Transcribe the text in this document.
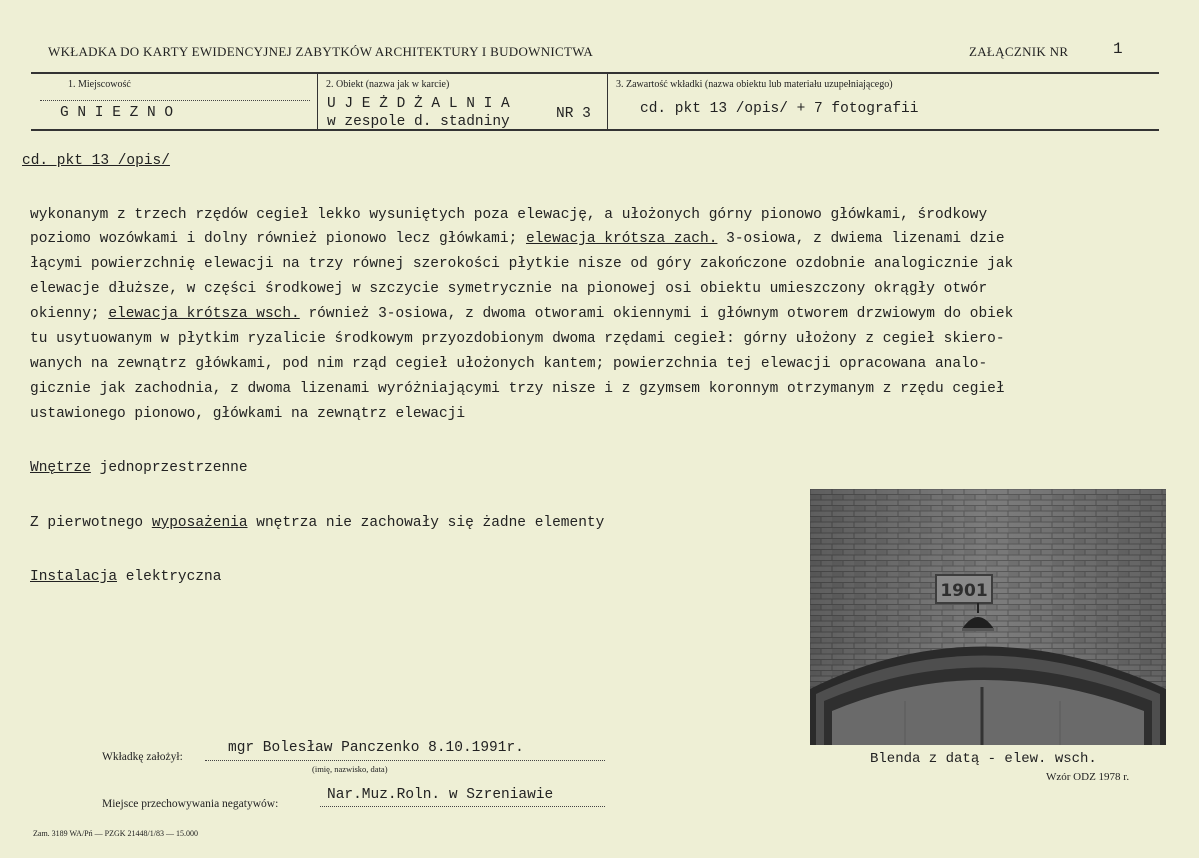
WKŁADKA DO KARTY EWIDENCYJNEJ ZABYTKÓW ARCHITEKTURY I BUDOWNICTWA	ZAŁĄCZNIK NR	1
1. Miejscowość
G N I E Z N O
2. Obiekt (nazwa jak w karcie)
U J E Ż D Ż A L N I A
w zespole d. stadniny	NR 3
3. Zawartość wkładki (nazwa obiektu lub materiału uzupełniającego)
cd. pkt 13 /opis/ + 7 fotografii
cd. pkt 13 /opis/
wykonanym z trzech rzędów cegieł lekko wysuniętych poza elewację, a ułożonych górny pionowo główkami, środkowy
poziomo wozówkami i dolny również pionowo lecz główkami; elewacja krótsza zach. 3-osiowa, z dwiema lizenami dzie
łącymi powierzchnię elewacji na trzy równej szerokości płytkie nisze od góry zakończone ozdobnie analogicznie jak
elewacje dłuższe, w części środkowej w szczycie symetrycznie na pionowej osi obiektu umieszczony okrągły otwór
okienny; elewacja krótsza wsch. również 3-osiowa, z dwoma otworami okiennymi i głównym otworem drzwiowym do obiek
tu usytuowanym w płytkim ryzalicie środkowym przyozdobionym dwoma rzędami cegieł: górny ułożony z cegieł skiero-
wanych na zewnątrz główkami, pod nim rząd cegieł ułożonych kantem; powierzchnia tej elewacji opracowana analo-
gicznie jak zachodnia, z dwoma lizenami wyróżniającymi trzy nisze i z gzymsem koronnym otrzymanym z rzędu cegieł
ustawionego pionowo, główkami na zewnątrz elewacji
Wnętrze jednoprzestrzenne
Z pierwotnego wyposażenia wnętrza nie zachowały się żadne elementy
Instalacja elektryczna
1901
Blenda z datą - elew. wsch.
Wzór ODZ 1978 r.
Wkładkę założył:
mgr Bolesław Panczenko 8.10.1991r.
(imię, nazwisko, data)
Miejsce przechowywania negatywów:
Nar.Muz.Roln. w Szreniawie
Zam. 3189 WA/Pń — PZGK 21448/1/83 — 15.000
